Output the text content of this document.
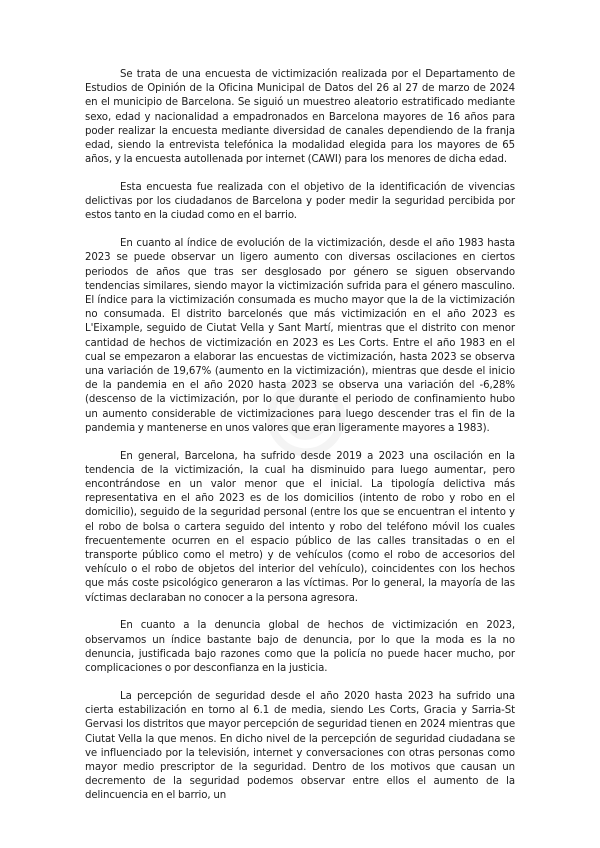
Se trata de una encuesta de victimización realizada por el Departamento de Estudios de Opinión de la Oficina Municipal de Datos del 26 al 27 de marzo de 2024 en el municipio de Barcelona. Se siguió un muestreo aleatorio estratificado mediante sexo, edad y nacionalidad a empadronados en Barcelona mayores de 16 años para poder realizar la encuesta mediante diversidad de canales dependiendo de la franja edad, siendo la entrevista telefónica la modalidad elegida para los mayores de 65 años, y la encuesta autollenada por internet (CAWI) para los menores de dicha edad.

Esta encuesta fue realizada con el objetivo de la identificación de vivencias delictivas por los ciudadanos de Barcelona y poder medir la seguridad percibida por estos tanto en la ciudad como en el barrio.

En cuanto al índice de evolución de la victimización, desde el año 1983 hasta 2023 se puede observar un ligero aumento con diversas oscilaciones en ciertos periodos de años que tras ser desglosado por género se siguen observando tendencias similares, siendo mayor la victimización sufrida para el género masculino. El índice para la victimización consumada es mucho mayor que la de la victimización no consumada. El distrito barcelonés que más victimización en el año 2023 es L'Eixample, seguido de Ciutat Vella y Sant Martí, mientras que el distrito con menor cantidad de hechos de victimización en 2023 es Les Corts. Entre el año 1983 en el cual se empezaron a elaborar las encuestas de victimización, hasta 2023 se observa una variación de 19,67% (aumento en la victimización), mientras que desde el inicio de la pandemia en el año 2020 hasta 2023 se observa una variación del -6,28% (descenso de la victimización, por lo que durante el periodo de confinamiento hubo un aumento considerable de victimizaciones para luego descender tras el fin de la pandemia y mantenerse en unos valores que eran ligeramente mayores a 1983).

En general, Barcelona, ha sufrido desde 2019 a 2023 una oscilación en la tendencia de la victimización, la cual ha disminuido para luego aumentar, pero encontrándose en un valor menor que el inicial. La tipología delictiva más representativa en el año 2023 es de los domicilios (intento de robo y robo en el domicilio), seguido de la seguridad personal (entre los que se encuentran el intento y el robo de bolsa o cartera seguido del intento y robo del teléfono móvil los cuales frecuentemente ocurren en el espacio público de las calles transitadas o en el transporte público como el metro) y de vehículos (como el robo de accesorios del vehículo o el robo de objetos del interior del vehículo), coincidentes con los hechos que más coste psicológico generaron a las víctimas. Por lo general, la mayoría de las víctimas declaraban no conocer a la persona agresora.

En cuanto a la denuncia global de hechos de victimización en 2023, observamos un índice bastante bajo de denuncia, por lo que la moda es la no denuncia, justificada bajo razones como que la policía no puede hacer mucho, por complicaciones o por desconfianza en la justicia.

La percepción de seguridad desde el año 2020 hasta 2023 ha sufrido una cierta estabilización en torno al 6.1 de media, siendo Les Corts, Gracia y Sarria-St Gervasi los distritos que mayor percepción de seguridad tienen en 2024 mientras que Ciutat Vella la que menos. En dicho nivel de la percepción de seguridad ciudadana se ve influenciado por la televisión, internet y conversaciones con otras personas como mayor medio prescriptor de la seguridad. Dentro de los motivos que causan un decremento de la seguridad podemos observar entre ellos el aumento de la delincuencia en el barrio, un
